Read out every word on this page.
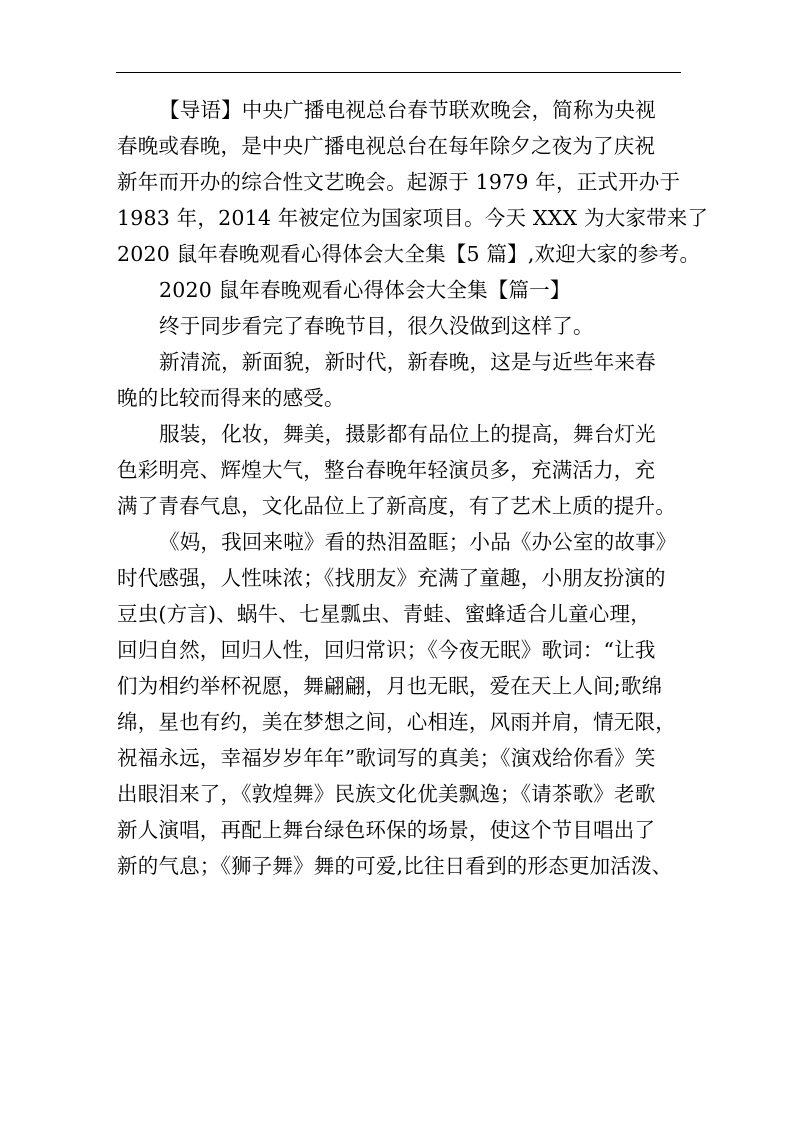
【导语】中央广播电视总台春节联欢晚会，简称为央视
春晚或春晚，是中央广播电视总台在每年除夕之夜为了庆祝
新年而开办的综合性文艺晚会。起源于 1979 年，正式开办于
1983 年，2014 年被定位为国家项目。今天 XXX 为大家带来了
2020 鼠年春晚观看心得体会大全集【5 篇】,欢迎大家的参考。
2020 鼠年春晚观看心得体会大全集【篇一】
终于同步看完了春晚节目，很久没做到这样了。
新清流，新面貌，新时代，新春晚，这是与近些年来春
晚的比较而得来的感受。
服装，化妆，舞美，摄影都有品位上的提高，舞台灯光
色彩明亮、辉煌大气，整台春晚年轻演员多，充满活力，充
满了青春气息，文化品位上了新高度，有了艺术上质的提升。
《妈，我回来啦》看的热泪盈眶；小品《办公室的故事》
时代感强，人性味浓；《找朋友》充满了童趣，小朋友扮演的
豆虫(方言)、蜗牛、七星瓢虫、青蛙、蜜蜂适合儿童心理，
回归自然，回归人性，回归常识；《今夜无眠》歌词：“让我
们为相约举杯祝愿，舞翩翩，月也无眠，爱在天上人间;歌绵
绵，星也有约，美在梦想之间，心相连，风雨并肩，情无限，
祝福永远，幸福岁岁年年”歌词写的真美；《演戏给你看》笑
出眼泪来了，《敦煌舞》民族文化优美飘逸；《请茶歌》老歌
新人演唱，再配上舞台绿色环保的场景，使这个节目唱出了
新的气息；《狮子舞》舞的可爱,比往日看到的形态更加活泼、
